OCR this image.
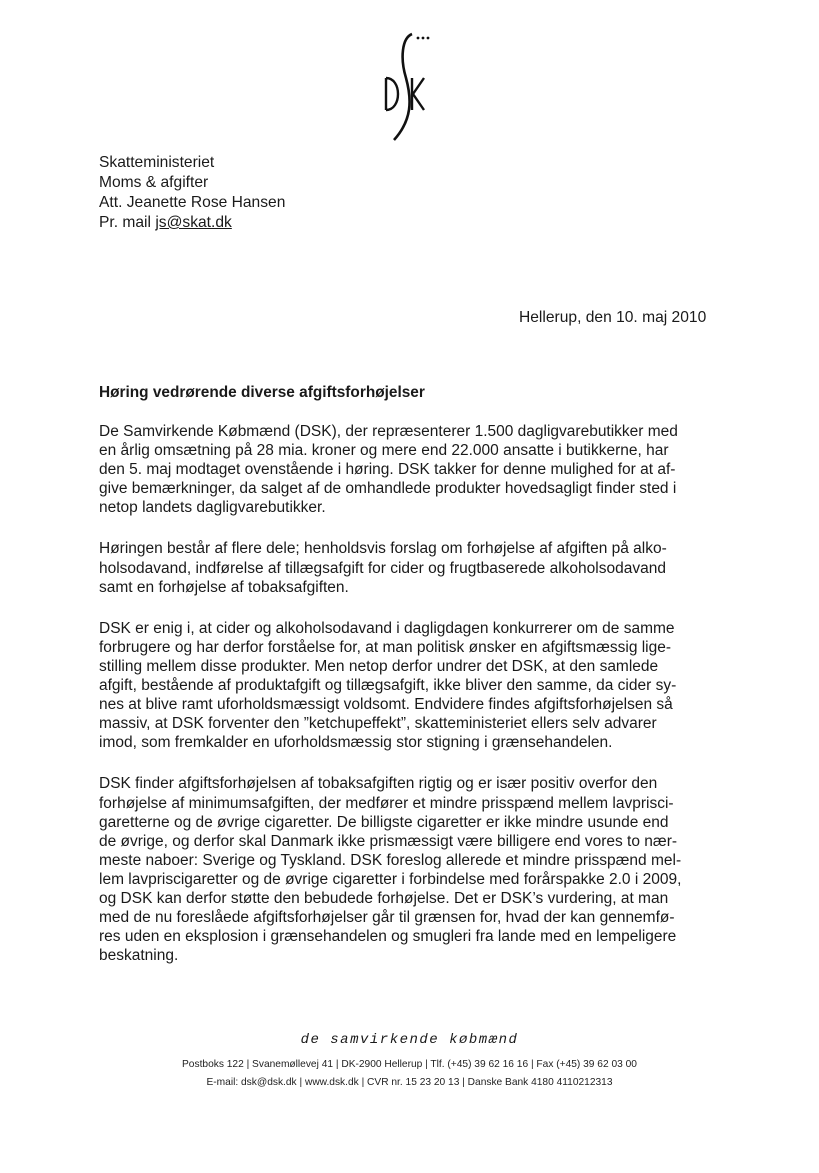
Skatteministeriet
Moms & afgifter
Att. Jeanette Rose Hansen
Pr. mail js@skat.dk
Hellerup, den 10. maj 2010
Høring vedrørende diverse afgiftsforhøjelser

De Samvirkende Købmænd (DSK), der repræsenterer 1.500 dagligvarebutikker med
en årlig omsætning på 28 mia. kroner og mere end 22.000 ansatte i butikkerne, har
den 5. maj modtaget ovenstående i høring. DSK takker for denne mulighed for at af-
give bemærkninger, da salget af de omhandlede produkter hovedsagligt finder sted i
netop landets dagligvarebutikker.

Høringen består af flere dele; henholdsvis forslag om forhøjelse af afgiften på alko-
holsodavand, indførelse af tillægsafgift for cider og frugtbaserede alkoholsodavand
samt en forhøjelse af tobaksafgiften.

DSK er enig i, at cider og alkoholsodavand i dagligdagen konkurrerer om de samme
forbrugere og har derfor forståelse for, at man politisk ønsker en afgiftsmæssig lige-
stilling mellem disse produkter. Men netop derfor undrer det DSK, at den samlede
afgift, bestående af produktafgift og tillægsafgift, ikke bliver den samme, da cider sy-
nes at blive ramt uforholdsmæssigt voldsomt. Endvidere findes afgiftsforhøjelsen så
massiv, at DSK forventer den ”ketchupeffekt”, skatteministeriet ellers selv advarer
imod, som fremkalder en uforholdsmæssig stor stigning i grænsehandelen.

DSK finder afgiftsforhøjelsen af tobaksafgiften rigtig og er især positiv overfor den
forhøjelse af minimumsafgiften, der medfører et mindre prisspænd mellem lavprisci-
garetterne og de øvrige cigaretter. De billigste cigaretter er ikke mindre usunde end
de øvrige, og derfor skal Danmark ikke prismæssigt være billigere end vores to nær-
meste naboer: Sverige og Tyskland. DSK foreslog allerede et mindre prisspænd mel-
lem lavpriscigaretter og de øvrige cigaretter i forbindelse med forårspakke 2.0 i 2009,
og DSK kan derfor støtte den bebudede forhøjelse. Det er DSK’s vurdering, at man
med de nu foreslåede afgiftsforhøjelser går til grænsen for, hvad der kan gennemfø-
res uden en eksplosion i grænsehandelen og smugleri fra lande med en lempeligere
beskatning.

de samvirkende købmænd
Postboks 122 | Svanemøllevej 41 | DK-2900 Hellerup | Tlf. (+45) 39 62 16 16 | Fax (+45) 39 62 03 00
E-mail: dsk@dsk.dk | www.dsk.dk | CVR nr. 15 23 20 13 | Danske Bank 4180 4110212313
